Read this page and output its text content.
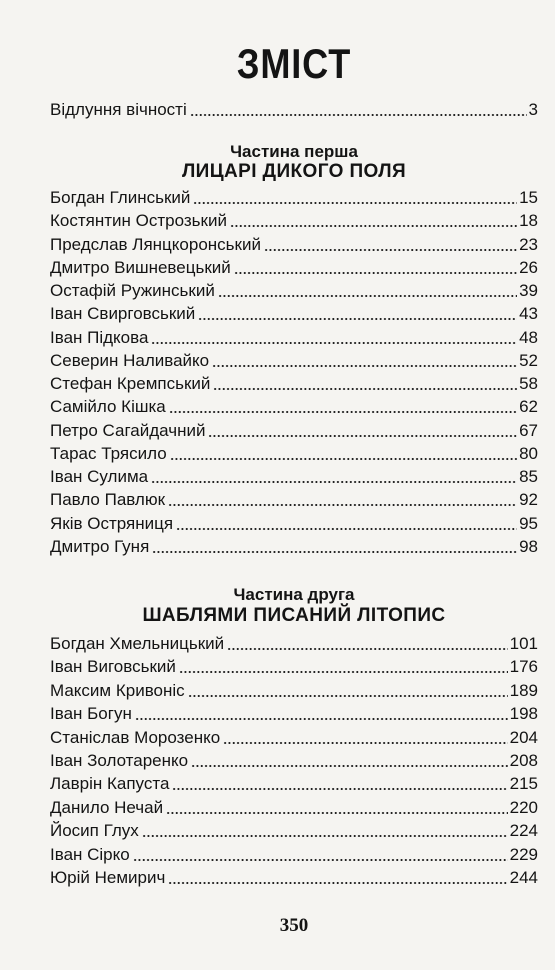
ЗМІСТ
Відлуння вічності	3
Частина перша
ЛИЦАРІ ДИКОГО ПОЛЯ
Богдан Глинський	15
Костянтин Острозький	18
Предслав Лянцкоронський	23
Дмитро Вишневецький	26
Остафій Ружинський	39
Іван Свирговський	43
Іван Підкова	48
Северин Наливайко	52
Стефан Кремпський	58
Самійло Кішка	62
Петро Сагайдачний	67
Тарас Трясило	80
Іван Сулима	85
Павло Павлюк	92
Яків Остряниця	95
Дмитро Гуня	98
Частина друга
ШАБЛЯМИ ПИСАНИЙ ЛІТОПИС
Богдан Хмельницький	101
Іван Виговський	176
Максим Кривоніс	189
Іван Богун	198
Станіслав Морозенко	204
Іван Золотаренко	208
Лаврін Капуста	215
Данило Нечай	220
Йосип Глух	224
Іван Сірко	229
Юрій Немирич	244
350
